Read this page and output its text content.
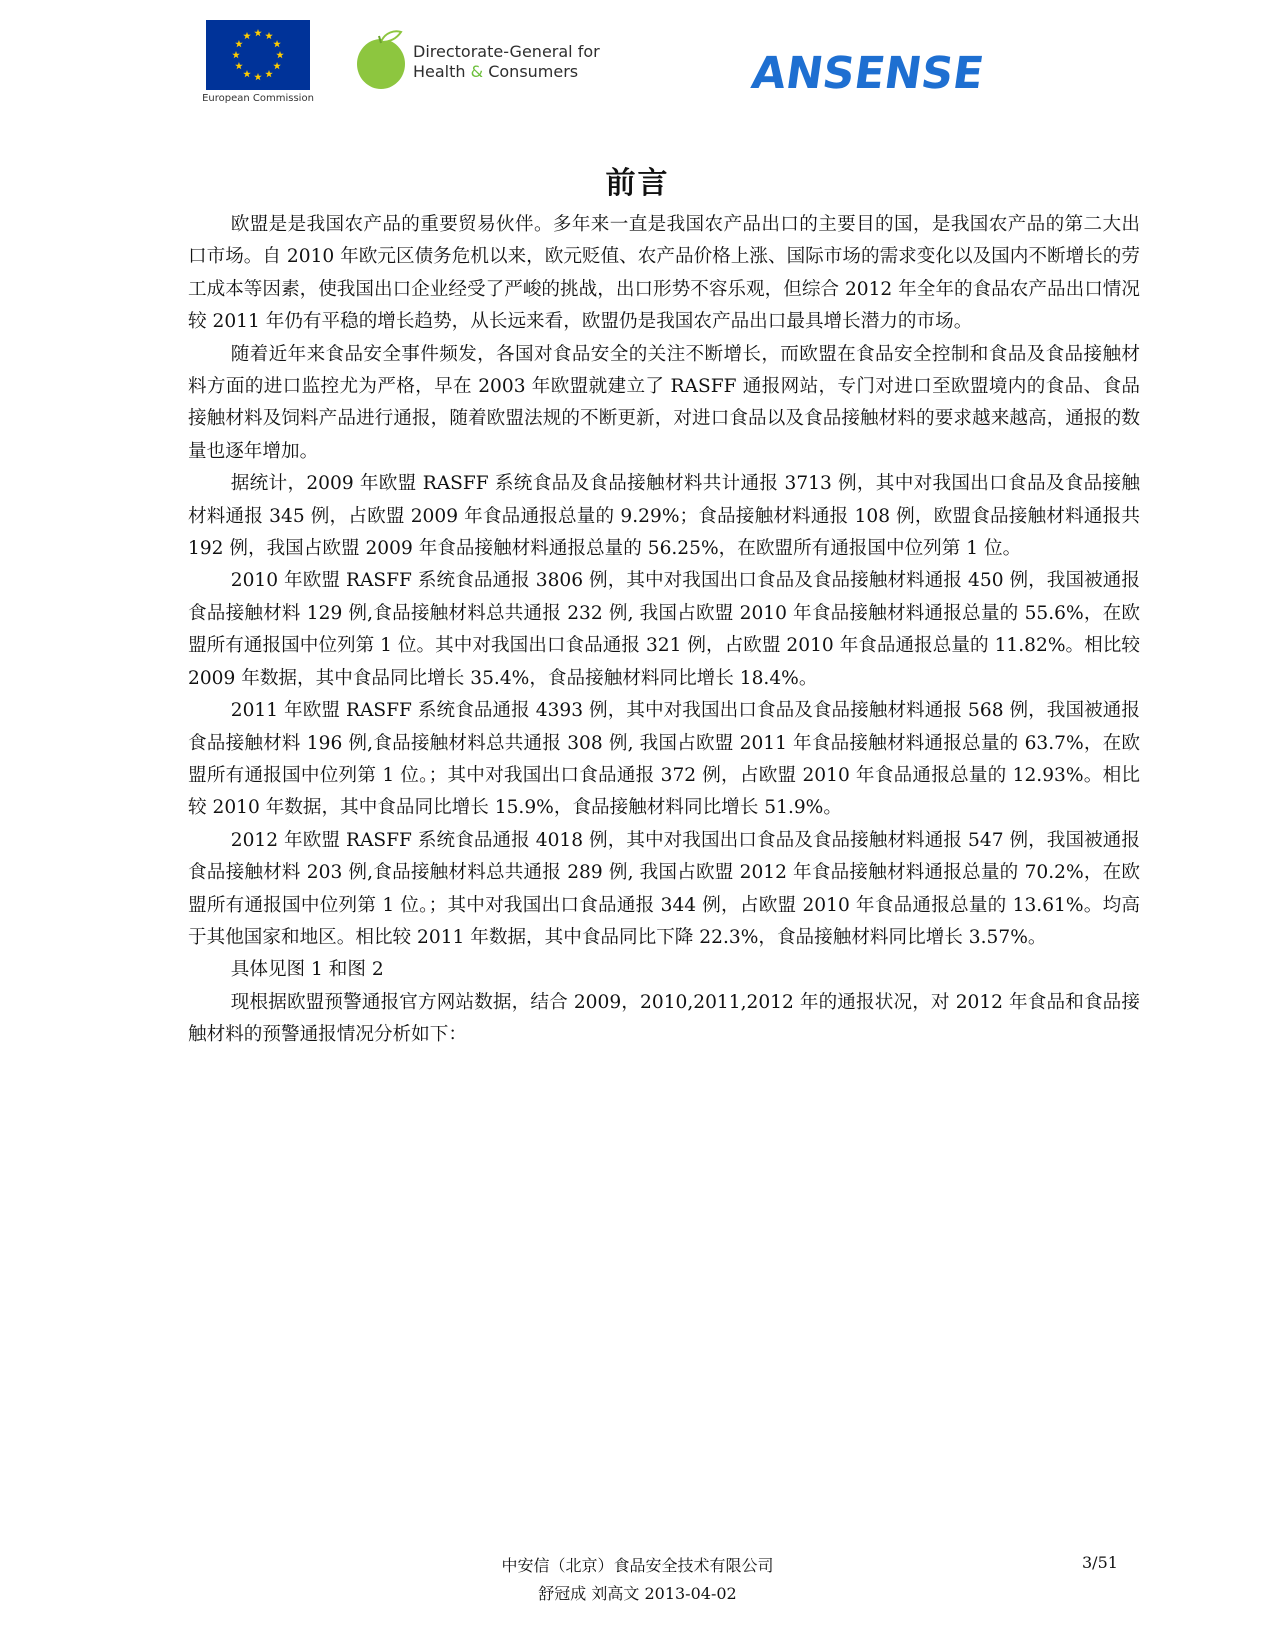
European Commission
Directorate-General for
Health & Consumers	ANSENSE
前言

欧盟是是我国农产品的重要贸易伙伴。多年来一直是我国农产品出口的主要目的国，是我国农产品的第二大出口市场。自 2010 年欧元区债务危机以来，欧元贬值、农产品价格上涨、国际市场的需求变化以及国内不断增长的劳工成本等因素，使我国出口企业经受了严峻的挑战，出口形势不容乐观，但综合 2012 年全年的食品农产品出口情况较 2011 年仍有平稳的增长趋势，从长远来看，欧盟仍是我国农产品出口最具增长潜力的市场。

随着近年来食品安全事件频发，各国对食品安全的关注不断增长，而欧盟在食品安全控制和食品及食品接触材料方面的进口监控尤为严格，早在 2003 年欧盟就建立了 RASFF 通报网站，专门对进口至欧盟境内的食品、食品接触材料及饲料产品进行通报，随着欧盟法规的不断更新，对进口食品以及食品接触材料的要求越来越高，通报的数量也逐年增加。

据统计，2009 年欧盟 RASFF 系统食品及食品接触材料共计通报 3713 例，其中对我国出口食品及食品接触材料通报 345 例，占欧盟 2009 年食品通报总量的 9.29%；食品接触材料通报 108 例，欧盟食品接触材料通报共 192 例，我国占欧盟 2009 年食品接触材料通报总量的 56.25%，在欧盟所有通报国中位列第 1 位。

2010 年欧盟 RASFF 系统食品通报 3806 例，其中对我国出口食品及食品接触材料通报 450 例，我国被通报食品接触材料 129 例,食品接触材料总共通报 232 例, 我国占欧盟 2010 年食品接触材料通报总量的 55.6%，在欧盟所有通报国中位列第 1 位。其中对我国出口食品通报 321 例，占欧盟 2010 年食品通报总量的 11.82%。相比较 2009 年数据，其中食品同比增长 35.4%，食品接触材料同比增长 18.4%。

2011 年欧盟 RASFF 系统食品通报 4393 例，其中对我国出口食品及食品接触材料通报 568 例，我国被通报食品接触材料 196 例,食品接触材料总共通报 308 例, 我国占欧盟 2011 年食品接触材料通报总量的 63.7%，在欧盟所有通报国中位列第 1 位。；其中对我国出口食品通报 372 例，占欧盟 2010 年食品通报总量的 12.93%。相比较 2010 年数据，其中食品同比增长 15.9%，食品接触材料同比增长 51.9%。

2012 年欧盟 RASFF 系统食品通报 4018 例，其中对我国出口食品及食品接触材料通报 547 例，我国被通报食品接触材料 203 例,食品接触材料总共通报 289 例, 我国占欧盟 2012 年食品接触材料通报总量的 70.2%，在欧盟所有通报国中位列第 1 位。；其中对我国出口食品通报 344 例，占欧盟 2010 年食品通报总量的 13.61%。均高于其他国家和地区。相比较 2011 年数据，其中食品同比下降 22.3%，食品接触材料同比增长 3.57%。

具体见图 1 和图 2

现根据欧盟预警通报官方网站数据，结合 2009，2010,2011,2012 年的通报状况，对 2012 年食品和食品接触材料的预警通报情况分析如下：

中安信（北京）食品安全技术有限公司	3/51
舒冠成 刘高文 2013-04-02
